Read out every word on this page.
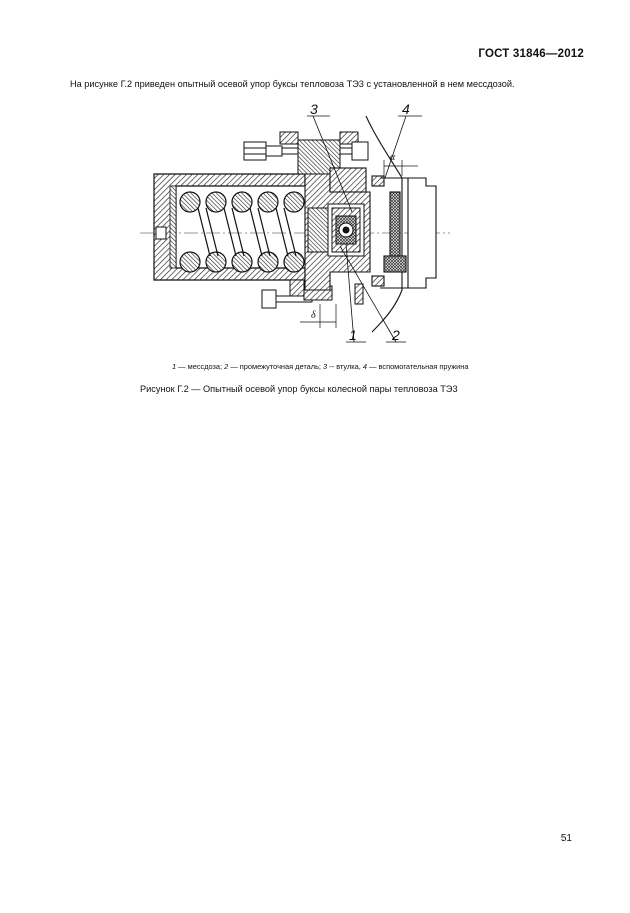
ГОСТ 31846—2012
На рисунке Г.2 приведен опытный осевой упор буксы тепловоза ТЭ3 с установленной в нем мессдозой.
α
δ
3	4
1	2
1 — мессдоза; 2 — промежуточная деталь; 3 -- втулка, 4 — вспомогательная пружина
Рисунок Г.2 — Опытный осевой упор буксы колесной пары тепловоза ТЭ3
51
